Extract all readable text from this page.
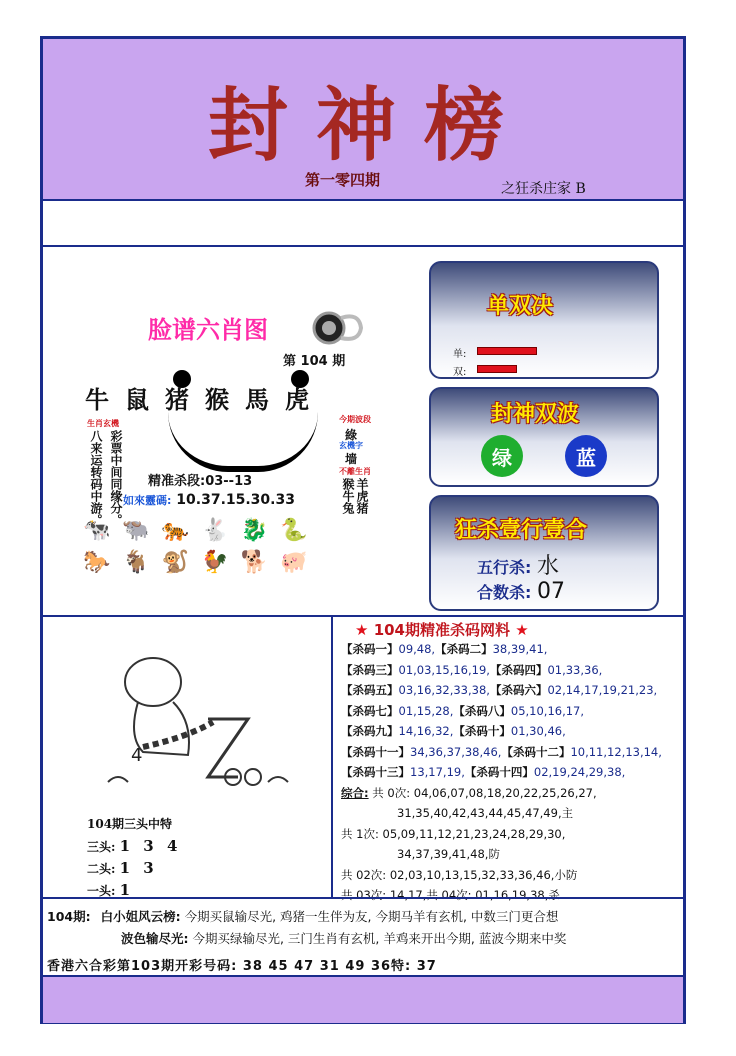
封神榜
第一零四期	之狂杀庄家 B
脸谱六肖图
第 104 期
牛鼠猪猴馬虎
生肖玄機
八来运转码中游。 彩票中间同缘分。
今期波段
綠
玄機字
墙
不離生肖
羊虎猪猴牛兔
精准杀段:03--13
如來靈碼: 10.37.15.30.33
🐄🐃🐅🐇🐉🐍
🐎🐐🐒🐓🐕🐖
单双决
单:
双:
封神双波
绿	蓝
狂杀壹行壹合
五行杀: 水
合数杀: 07
4
104期三头中特
三头: 1 3 4
二头: 1 3
一头: 1
★ 104期精准杀码网料 ★
【杀码一】09,48,【杀码二】38,39,41,
【杀码三】01,03,15,16,19,【杀码四】01,33,36,
【杀码五】03,16,32,33,38,【杀码六】02,14,17,19,21,23,
【杀码七】01,15,28,【杀码八】05,10,16,17,
【杀码九】14,16,32,【杀码十】01,30,46,
【杀码十一】34,36,37,38,46,【杀码十二】10,11,12,13,14,
【杀码十三】13,17,19,【杀码十四】02,19,24,29,38,
综合: 共 0次: 04,06,07,08,18,20,22,25,26,27,
31,35,40,42,43,44,45,47,49,主
共 1次: 05,09,11,12,21,23,24,28,29,30,
34,37,39,41,48,防
共 02次: 02,03,10,13,15,32,33,36,46,小防
共 03次: 14,17,共 04次: 01,16,19,38,杀
104期: 白小姐风云榜: 今期买鼠输尽光, 鸡猪一生伴为友, 今期马羊有玄机, 中数三门更合想
波色输尽光: 今期买绿输尽光, 三门生肖有玄机, 羊鸡来开出今期, 蓝波今期来中奖
香港六合彩第103期开彩号码: 38 45 47 31 49 36特: 37
